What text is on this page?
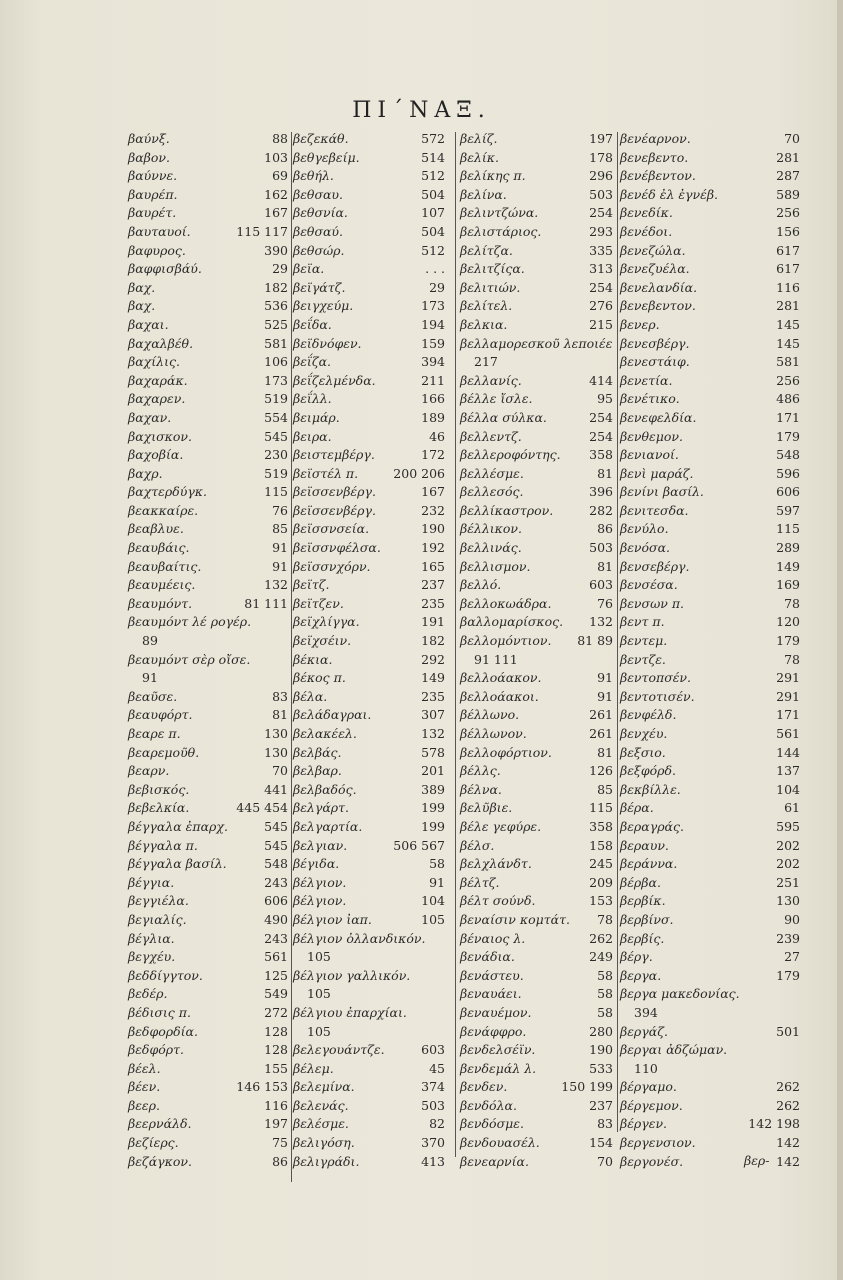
ΠΙ´ΝΑΞ.
βαύνξ.	88
βαβον.	103
βαύννε.	69
βαυρέπ.	162
βαυρέτ.	167
βαυταυοί.	115 117
βαφυρος.	390
βαφφισβάύ.	29
βαχ.	182
βαχ.	536
βαχαι.	525
βαχαλβέθ.	581
βαχίλις.	106
βαχαράκ.	173
βαχαρεν.	519
βαχαν.	554
βαχισκον.	545
βαχοβία.	230
βαχρ.	519
βαχτερδύγκ.	115
βεακκαίρε.	76
βεαβλυε.	85
βεαυβάις.	91
βεαυβαίτις.	91
βεαυμέεις.	132
βεαυμόντ.	81 111
βεαυμόντ λέ ρογέρ.
89
βεαυμόντ σὲρ οἴσε.
91
βεαῦσε.	83
βεαυφόρτ.	81
βεαρε π.	130
βεαρεμοῦθ.	130
βεαρν.	70
βεβισκός.	441
βεβελκία.	445 454
βέγγαλα ἐπαρχ.	545
βέγγαλα π.	545
βέγγαλα βασίλ.	548
βέγγια.	243
βεγγιέλα.	606
βεγιαλίς.	490
βέγλια.	243
βεγχέυ.	561
βεδδίγγτον.	125
βεδέρ.	549
βέδισις π.	272
βεδφορδία.	128
βεδφόρτ.	128
βέελ.	155
βέεν.	146 153
βεερ.	116
βεερνάλδ.	197
βεζίερς.	75
βεζάγκον.	86
βεζεκάθ.	572
βεθγεβείμ.	514
βεθήλ.	512
βεθσαυ.	504
βεθσνία.	107
βεθσαύ.	504
βεθσώρ.	512
βεϊα.	. . .
βεϊγάτζ.	29
βειγχεύμ.	173
βεΐδα.	194
βεϊδνόφεν.	159
βεΐζα.	394
βεΐζελμένδα.	211
βεΐλλ.	166
βειμάρ.	189
βειρα.	46
βειστεμβέργ.	172
βεϊστέλ π.	200 206
βεϊσσενβέργ.	167
βεϊσσενβέργ.	232
βεϊσσνσεία.	190
βεϊσσνφέλσα.	192
βεϊσσνχόρν.	165
βεϊτζ.	237
βεϊτζεν.	235
βεϊχλίγγα.	191
βεϊχσέιν.	182
βέκια.	292
βέκος π.	149
βέλα.	235
βελάδαγραι.	307
βελακέελ.	132
βελβάς.	578
βελβαρ.	201
βελβαδός.	389
βελγάρτ.	199
βελγαρτία.	199
βελγιαν.	506 567
βέγιδα.	58
βέλγιον.	91
βέλγιον.	104
βέλγιον ἰαπ.	105
βέλγιον ὀλλανδικόν.
105
βέλγιον γαλλικόν.
105
βέλγιου ἐπαρχίαι.
105
βελεγουάντζε.	603
βέλεμ.	45
βελεμίνα.	374
βελενάς.	503
βελέσμε.	82
βελιγόση.	370
βελιγράδι.	413
βελίζ.	197
βελίκ.	178
βελίκης π.	296
βελίνα.	503
βελιντζώνα.	254
βελιστάριος.	293
βελίτζα.	335
βελιτζίςα.	313
βελιτιών.	254
βελίτελ.	276
βελκια.	215
βελλαμορεσκοῦ λεποιέε
217
βελλανίς.	414
βέλλε ἴσλε.	95
βέλλα σύλκα.	254
βελλεντζ.	254
βελλεροφόντης. 358
βελλέσμε.	81
βελλεσός.	396
βελλίκαστρον.	282
βέλλικον.	86
βελλινάς.	503
βελλισμον.	81
βελλό.	603
βελλοκωάδρα.	76
βαλλομαρίσκος. 132
βελλομόντιον. 81 89
91 111
βελλοάακον.	91
βελλοάακοι.	91
βέλλωνο.	261
βέλλωνον.	261
βελλοφόρτιον.	81
βέλλς.	126
βέλνα.	85
βελῦβιε.	115
βέλε γεφύρε.	358
βέλσ.	158
βελχλάνδτ.	245
βέλτζ.	209
βέλτ σούνδ.	153
βεναίσιν κομτάτ. 78
βέναιος λ.	262
βενάδια.	249
βενάστευ.	58
βεναυάει.	58
βεναυέμον.	58
βενάφφρο.	280
βενδελσέϊν.	190
βενδεμάλ λ.	533
βενδεν.	150 199
βενδόλα.	237
βενδόσμε.	83
βενδουασέλ.	154
βενεαρνία.	70
βενέαρνον.	70
βενεβεντο.	281
βενέβεντον.	287
βενέδ ἐλ ἐγνέβ.	589
βενεδίκ.	256
βενέδοι.	156
βενεζώλα.	617
βενεζυέλα.	617
βενελανδία.	116
βενεβεντον.	281
βενερ.	145
βενεσβέργ.	145
βενεστάιφ.	581
βενετία.	256
βενέτικο.	486
βενεφελδία.	171
βενθεμον.	179
βενιανοί.	548
βενὶ μαράζ.	596
βενίνι βασίλ.	606
βενιτεσδα.	597
βενύλο.	115
βενόσα.	289
βενσεβέργ.	149
βενσέσα.	169
βενσων π.	78
βεντ π.	120
βεντεμ.	179
βεντζε.	78
βεντοπσέν.	291
βεντοτισέν.	291
βενφέλδ.	171
βενχέυ.	561
βεξσιο.	144
βεξφόρδ.	137
βεκβίλλε.	104
βέρα.	61
βεραγράς.	595
βεραυν.	202
βεράννα.	202
βέρβα.	251
βερβίκ.	130
βερβίνσ.	90
βερβίς.	239
βέργ.	27
βεργα.	179
βεργα μακεδονίας.
394
βεργάζ.	501
βεργαι ἀδζώμαν.
110
βέργαμο.	262
βέργεμον.	262
βέργεν.	142 198
βεργενσιον.	142
βεργονέσ.	142
βερ-
